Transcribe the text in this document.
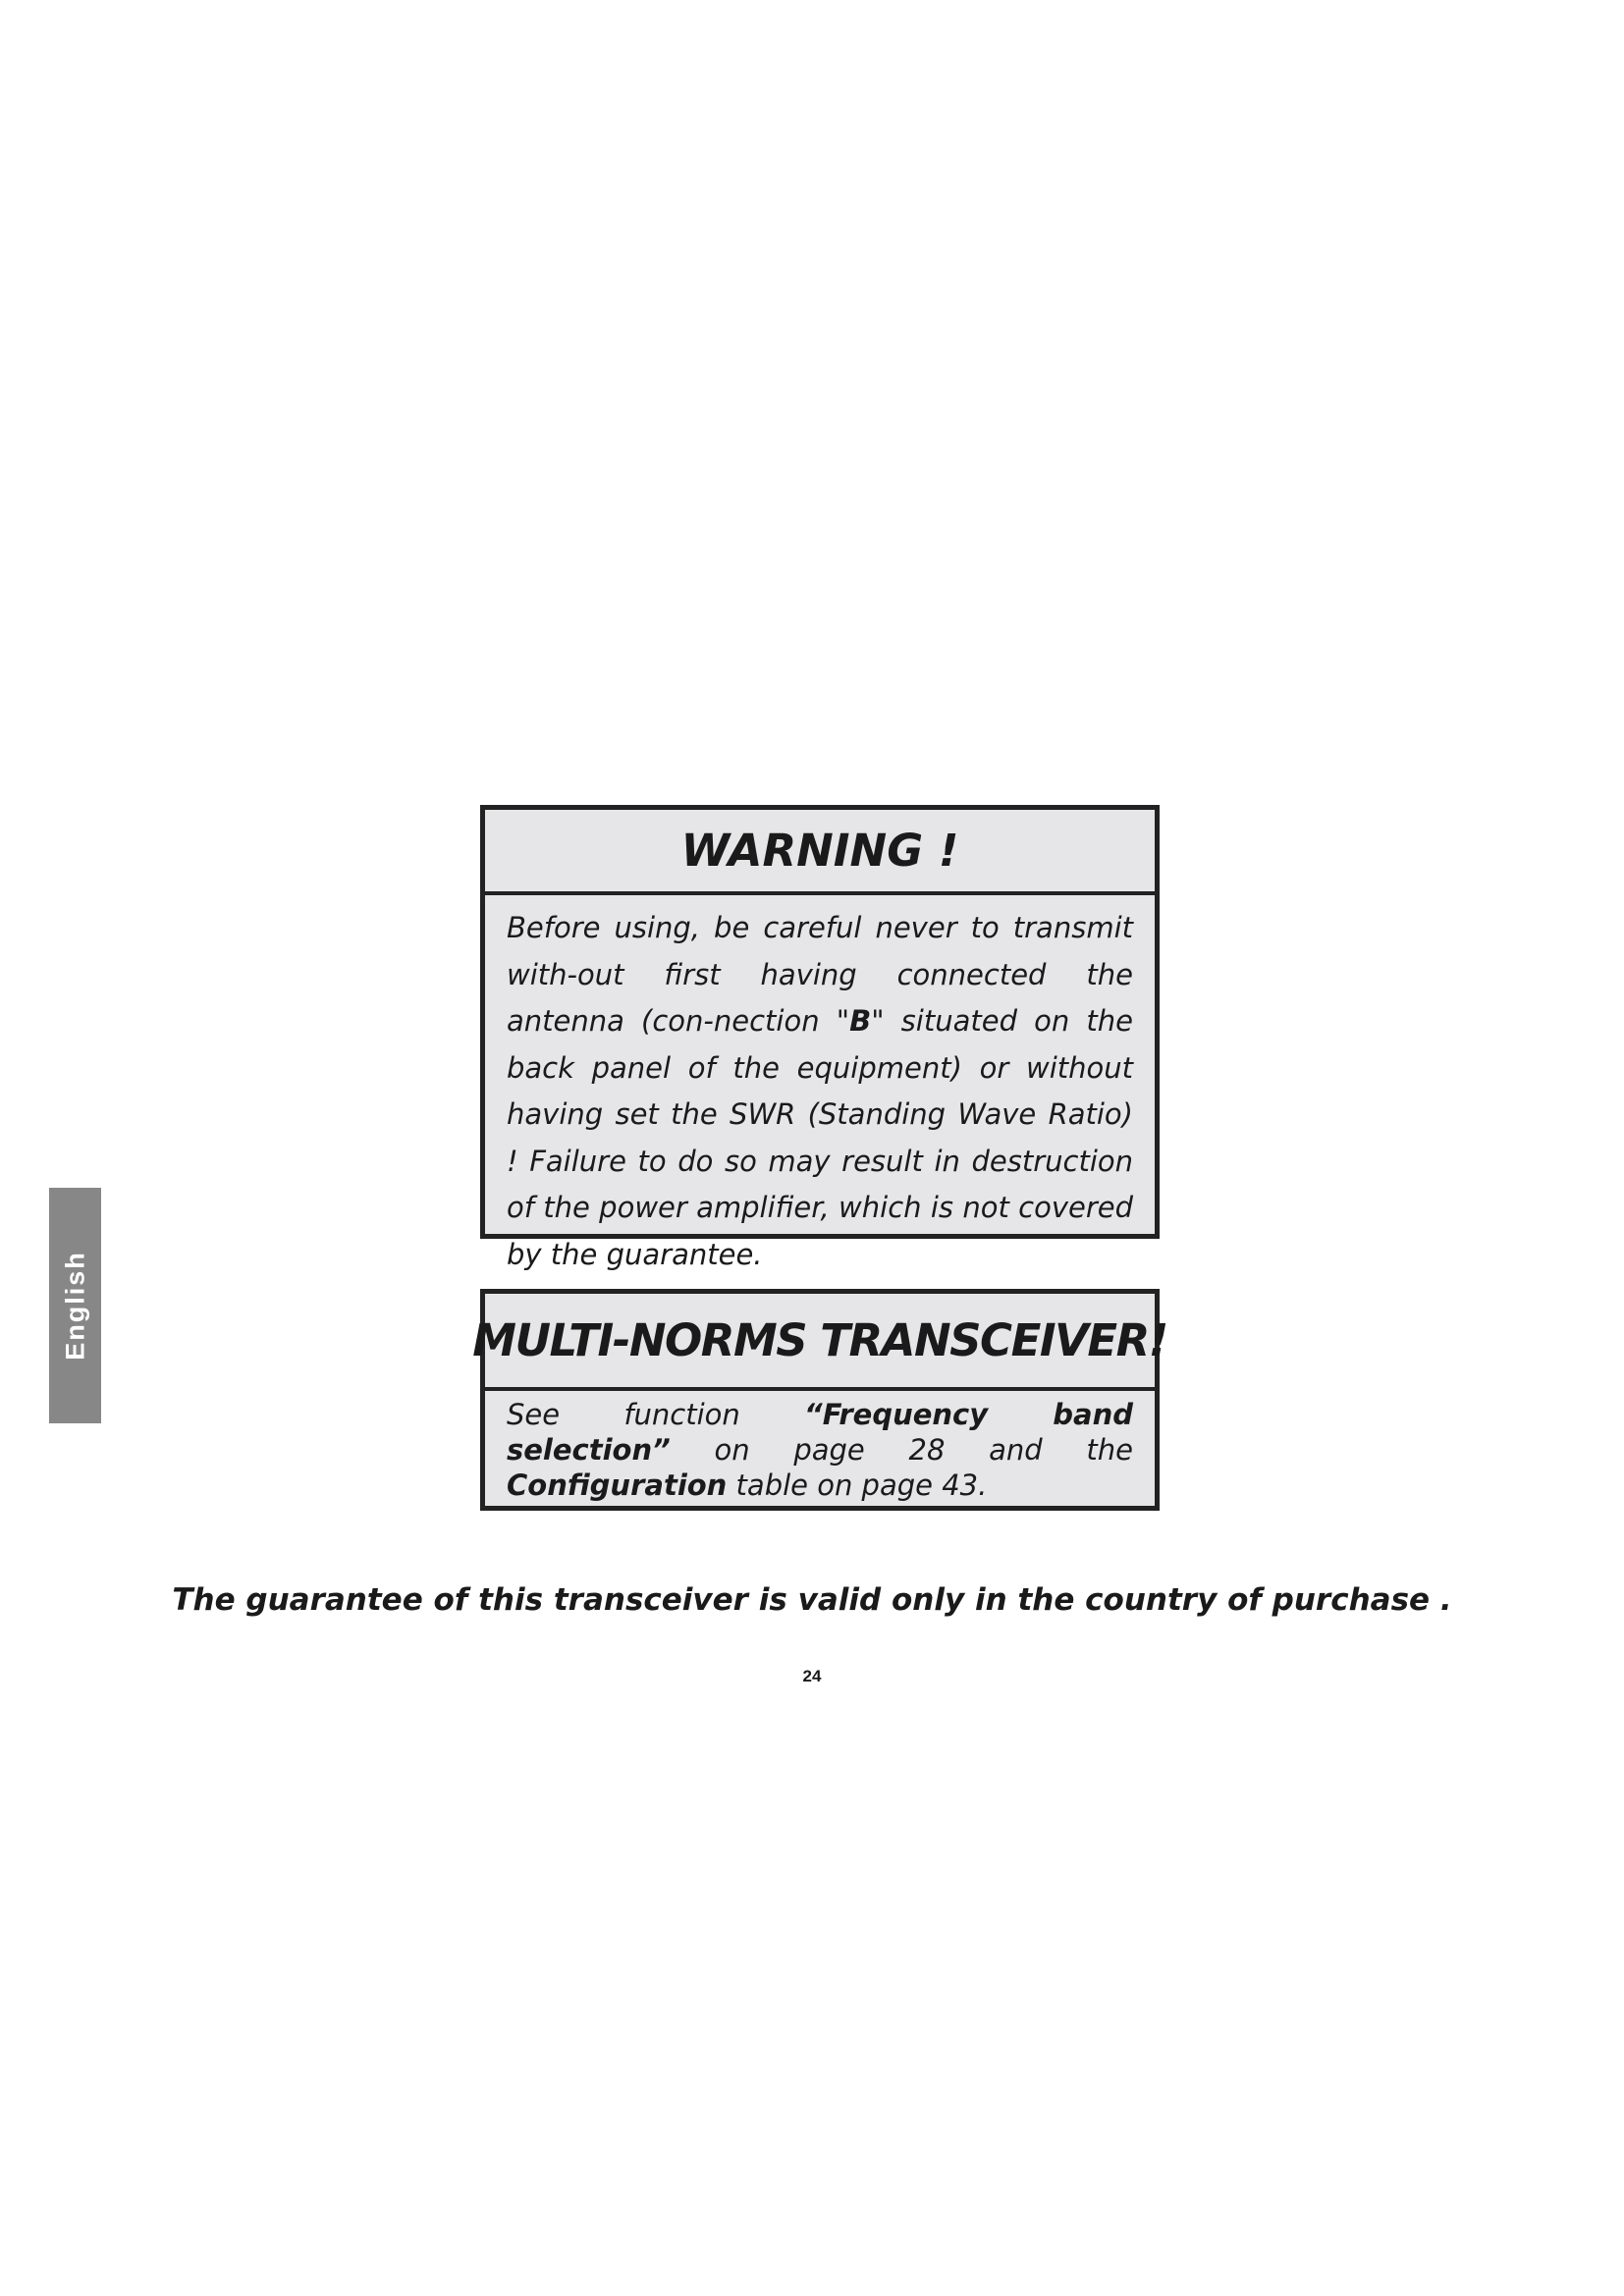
English
WARNING !
Before using, be careful never to transmit with-out first having connected the antenna (con-nection "B" situated on the back panel of the equipment) or without having set the SWR (Standing Wave Ratio) ! Failure to do so may result in destruction of the power amplifier, which is not covered by the guarantee.
MULTI-NORMS TRANSCEIVER!
See function “Frequency band selection” on page 28 and the Configuration table on page 43.
The guarantee of this transceiver is valid only in the country of purchase .
24
